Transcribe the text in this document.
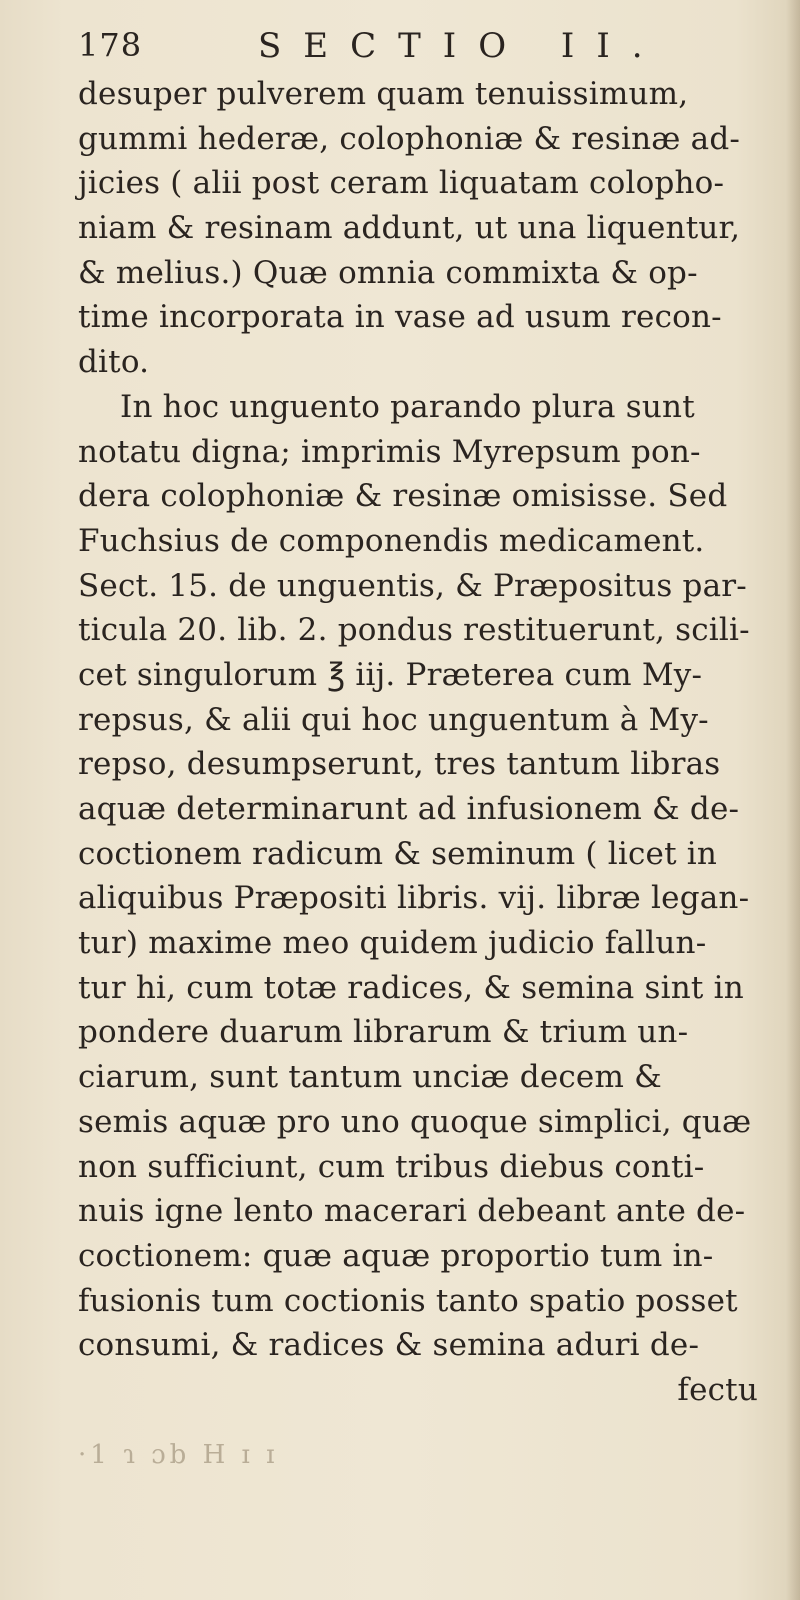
178	SECTIO II.
desuper pulverem quam tenuissimum,
gummi hederæ, colophoniæ & resinæ ad-
jicies ( alii post ceram liquatam colopho-
niam & resinam addunt, ut una liquentur,
& melius.) Quæ omnia commixta & op-
time incorporata in vase ad usum recon-
dito.
In hoc unguento parando plura sunt
notatu digna; imprimis Myrepsum pon-
dera colophoniæ & resinæ omisisse. Sed
Fuchsius de componendis medicament.
Sect. 15. de unguentis, & Præpositus par-
ticula 20. lib. 2. pondus restituerunt, scili-
cet singulorum ℥ iij. Præterea cum My-
repsus, & alii qui hoc unguentum à My-
repso, desumpserunt, tres tantum libras
aquæ determinarunt ad infusionem & de-
coctionem radicum & seminum ( licet in
aliquibus Præpositi libris. vij. libræ legan-
tur) maxime meo quidem judicio fallun-
tur hi, cum totæ radices, & semina sint in
pondere duarum librarum & trium un-
ciarum, sunt tantum unciæ decem &
semis aquæ pro uno quoque simplici, quæ
non sufficiunt, cum tribus diebus conti-
nuis igne lento macerari debeant ante de-
coctionem: quæ aquæ proportio tum in-
fusionis tum coctionis tanto spatio posset
consumi, & radices & semina aduri de-
fectu
·1 ɿ ɔb H ɪ ɪ
